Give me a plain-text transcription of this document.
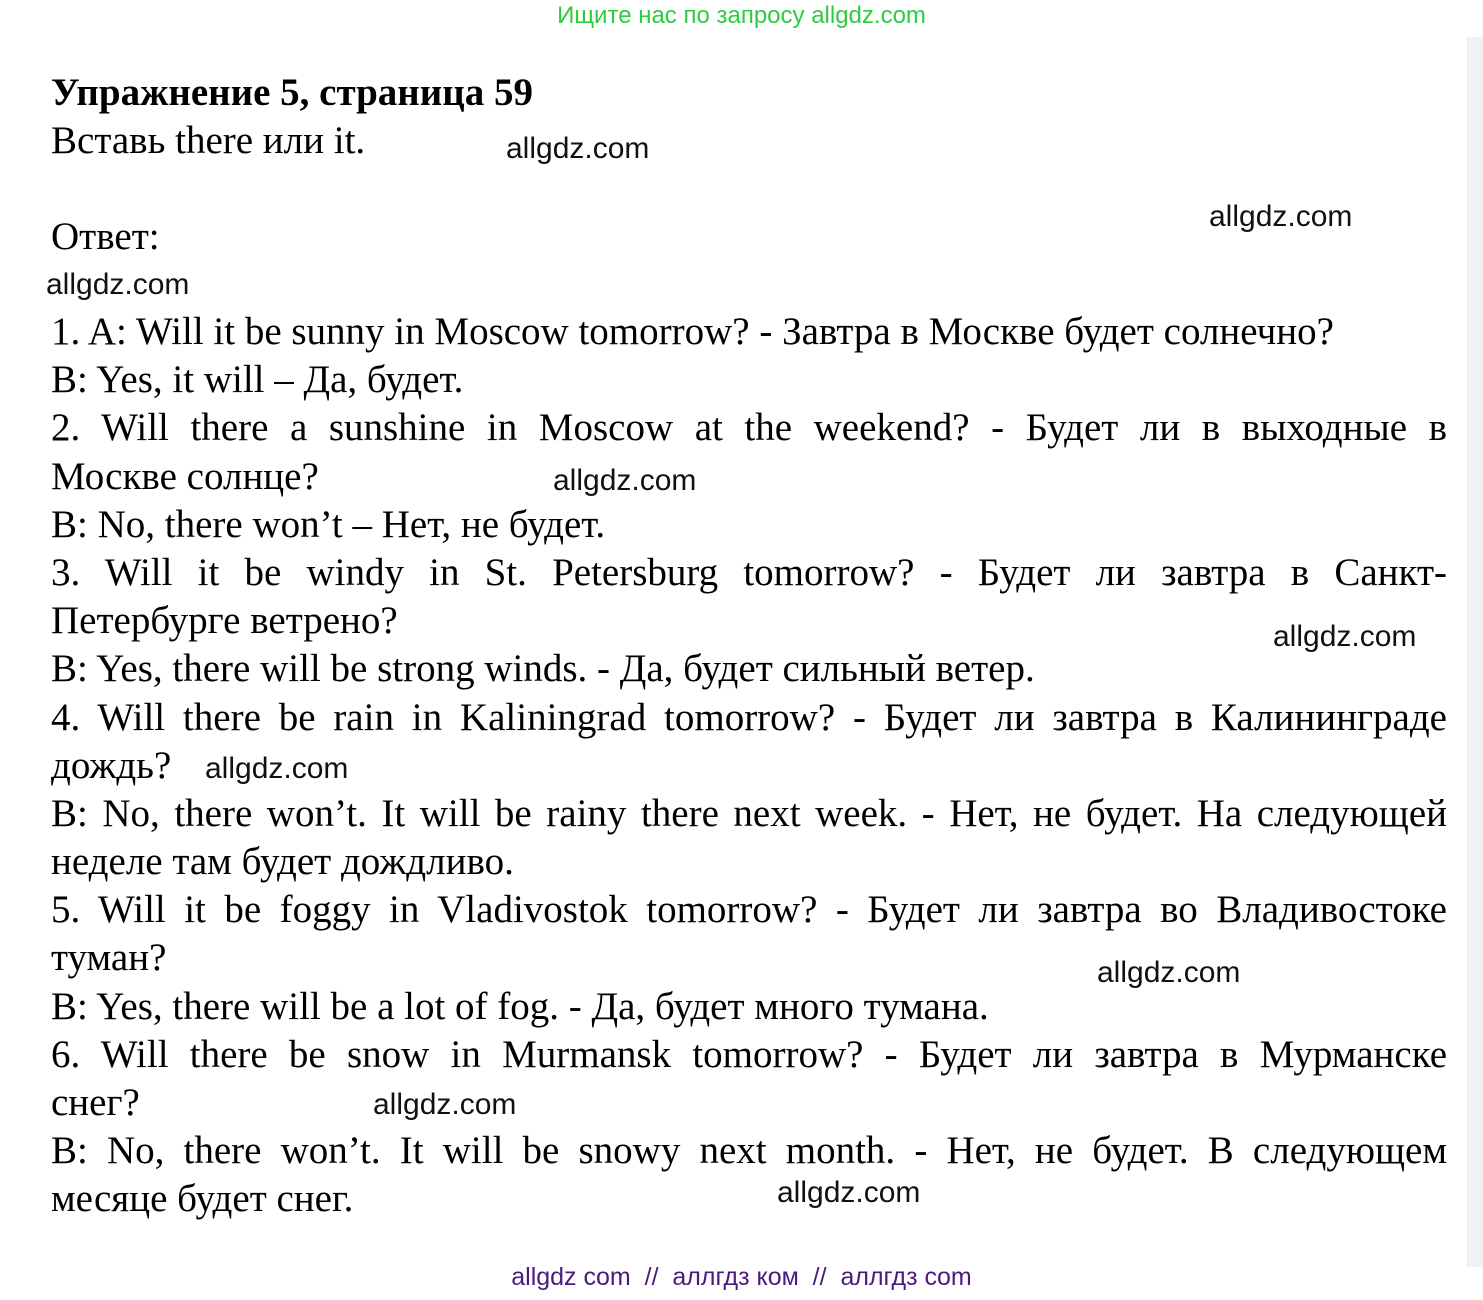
Ищите нас по запросу allgdz.com
Упражнение 5, страница 59
Вставь there или it.
Ответ:
1. A: Will it be sunny in Moscow tomorrow? - Завтра в Москве будет солнечно?
B: Yes, it will – Да, будет.
2. Will there a sunshine in Moscow at the weekend? - Будет ли в выходные в
Москве солнце?
B: No, there won’t – Нет, не будет.
3. Will it be windy in St. Petersburg tomorrow? - Будет ли завтра в Санкт-
Петербурге ветрено?
B: Yes, there will be strong winds. - Да, будет сильный ветер.
4. Will there be rain in Kaliningrad tomorrow? - Будет ли завтра в Калининграде
дождь?
B: No, there won’t. It will be rainy there next week. - Нет, не будет. На следующей
неделе там будет дождливо.
5. Will it be foggy in Vladivostok tomorrow? - Будет ли завтра во Владивостоке
туман?
B: Yes, there will be a lot of fog. - Да, будет много тумана.
6. Will there be snow in Murmansk tomorrow? - Будет ли завтра в Мурманске
снег?
B: No, there won’t. It will be snowy next month. - Нет, не будет. В следующем
месяце будет снег.
allgdz.com
allgdz.com
allgdz.com
allgdz.com
allgdz.com
allgdz.com
allgdz.com
allgdz.com
allgdz.com
allgdz com  //  аллгдз ком  //  аллгдз com
